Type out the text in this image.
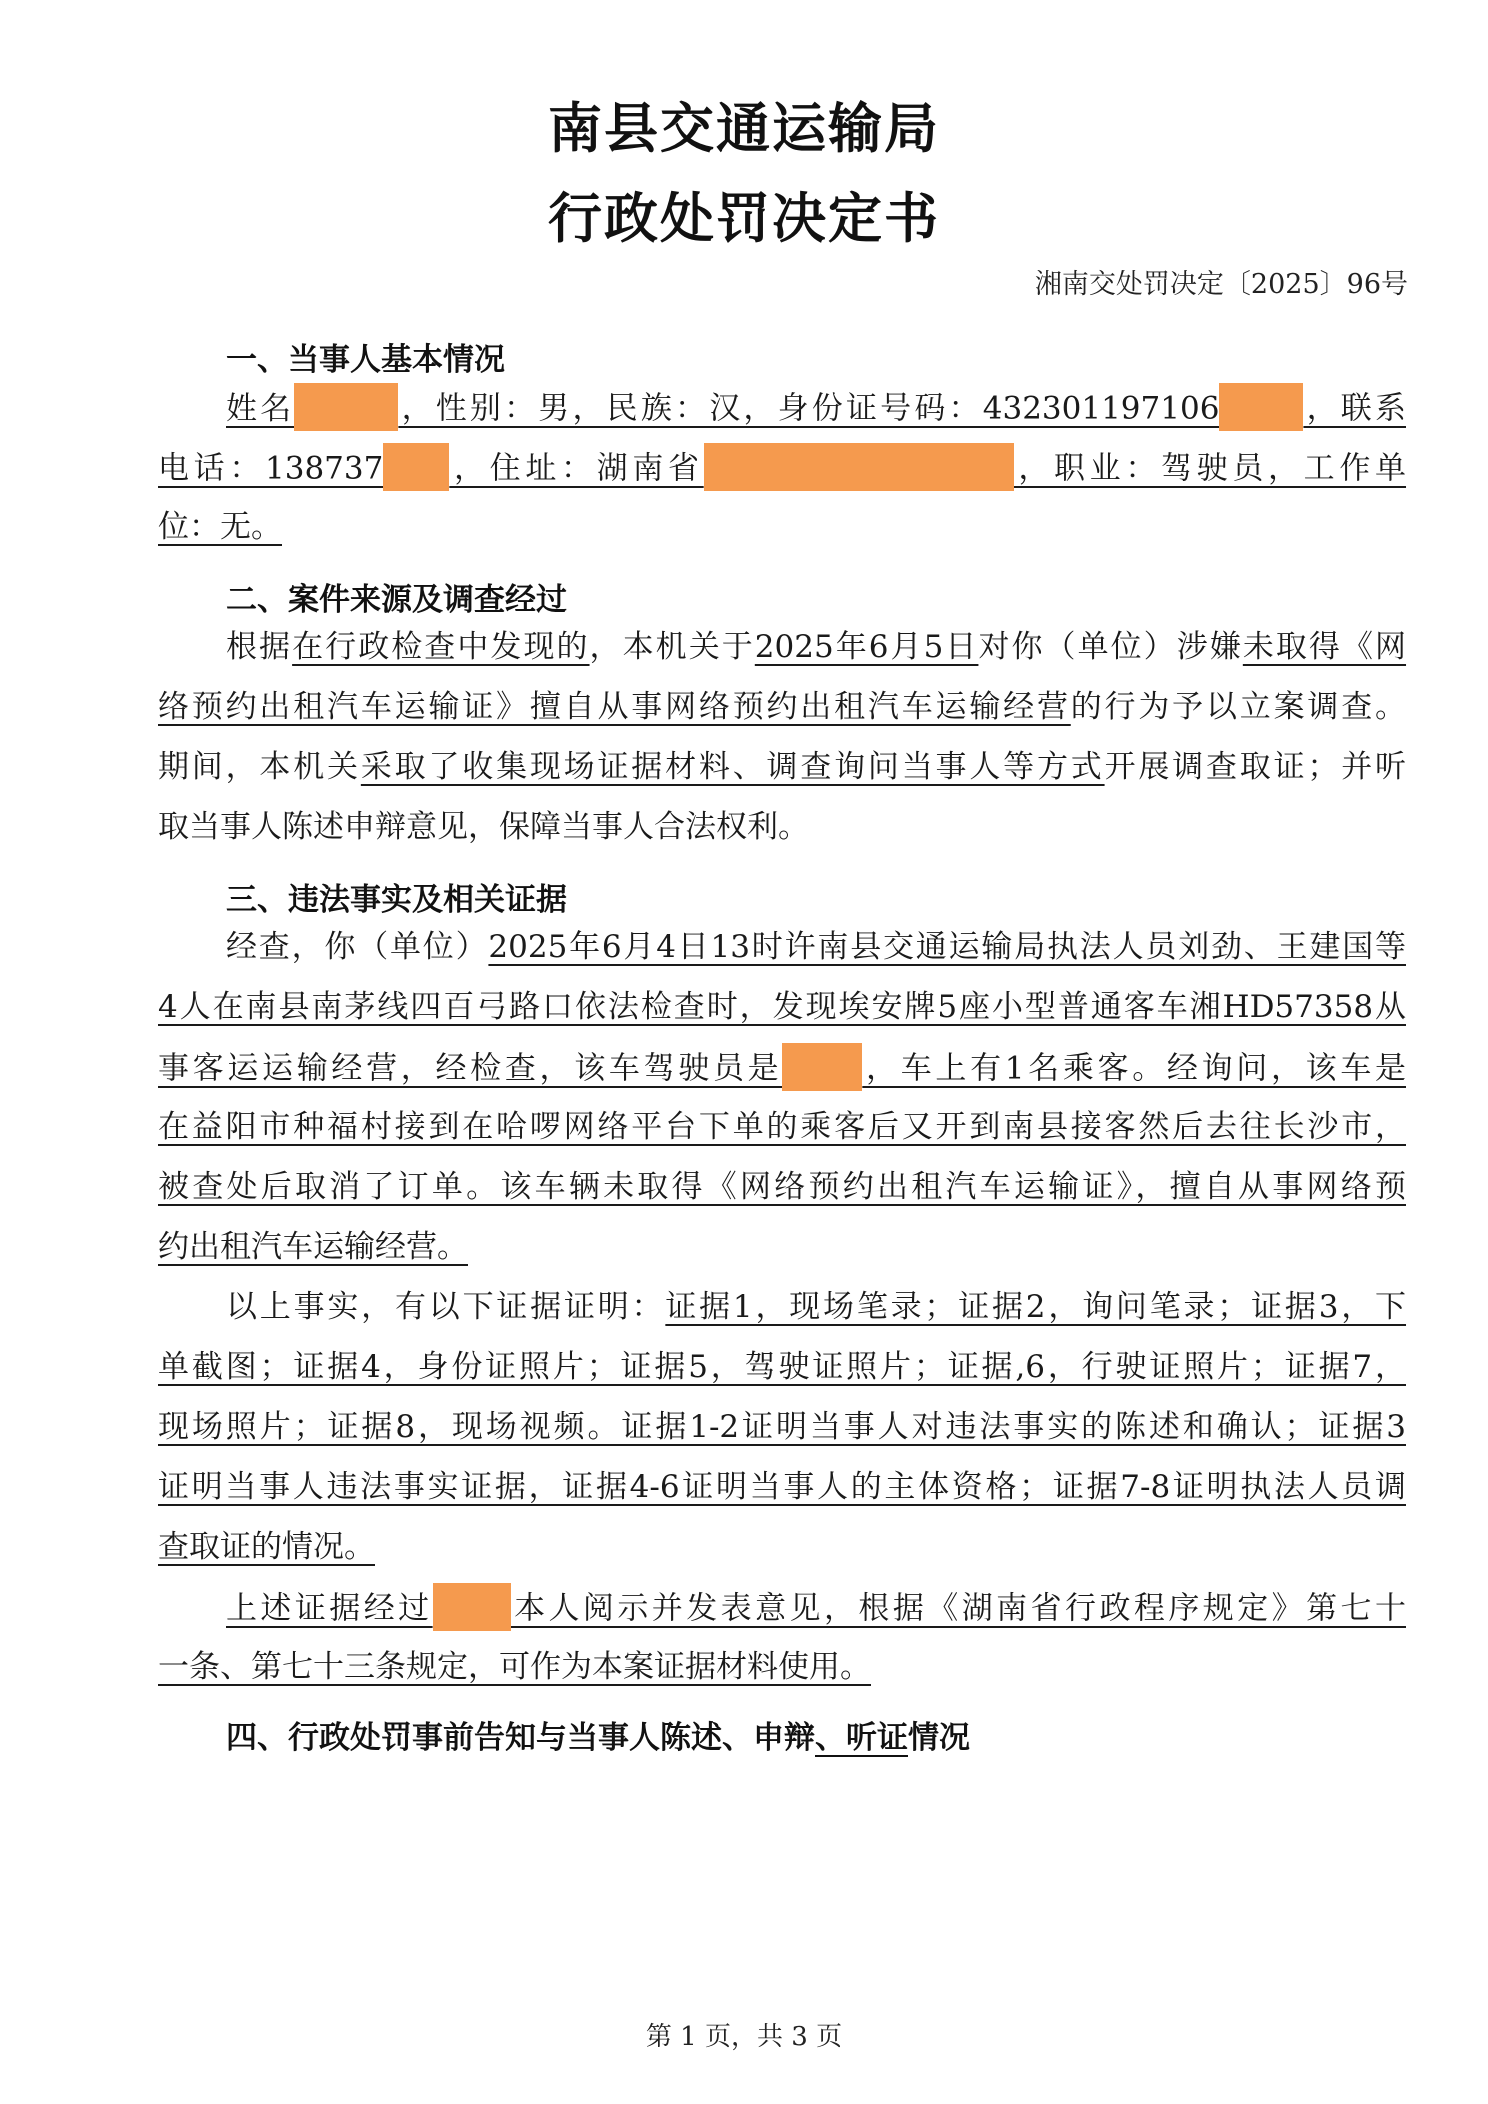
南县交通运输局
行政处罚决定书
湘南交处罚决定〔2025〕96号
一、当事人基本情况
姓名	，性别：男，民族：汉，身份证号码：432301197106	，联系
电话：138737 ，住址：湖南省	，职业：驾驶员，工作单
位：无。
二、案件来源及调查经过
根据在行政检查中发现的，本机关于2025年6月5日对你（单位）涉嫌未取得《网
络预约出租汽车运输证》擅自从事网络预约出租汽车运输经营的行为予以立案调查。
期间，本机关采取了收集现场证据材料、调查询问当事人等方式开展调查取证；并听
取当事人陈述申辩意见，保障当事人合法权利。
三、违法事实及相关证据
经查，你（单位）2025年6月4日13时许南县交通运输局执法人员刘劲、王建国等
4人在南县南茅线四百弓路口依法检查时，发现埃安牌5座小型普通客车湘HD57358从
事客运运输经营，经检查，该车驾驶员是	，车上有1名乘客。经询问，该车是
在益阳市种福村接到在哈啰网络平台下单的乘客后又开到南县接客然后去往长沙市，
被查处后取消了订单。该车辆未取得《网络预约出租汽车运输证》，擅自从事网络预
约出租汽车运输经营。
以上事实，有以下证据证明：证据1，现场笔录；证据2，询问笔录；证据3，下
单截图；证据4，身份证照片；证据5，驾驶证照片；证据,6，行驶证照片；证据7，
现场照片；证据8，现场视频。证据1-2证明当事人对违法事实的陈述和确认；证据3
证明当事人违法事实证据，证据4-6证明当事人的主体资格；证据7-8证明执法人员调
查取证的情况。
上述证据经过	本人阅示并发表意见，根据《湖南省行政程序规定》第七十
一条、第七十三条规定，可作为本案证据材料使用。
四、行政处罚事前告知与当事人陈述、申辩、听证情况
第 1 页，共 3 页
